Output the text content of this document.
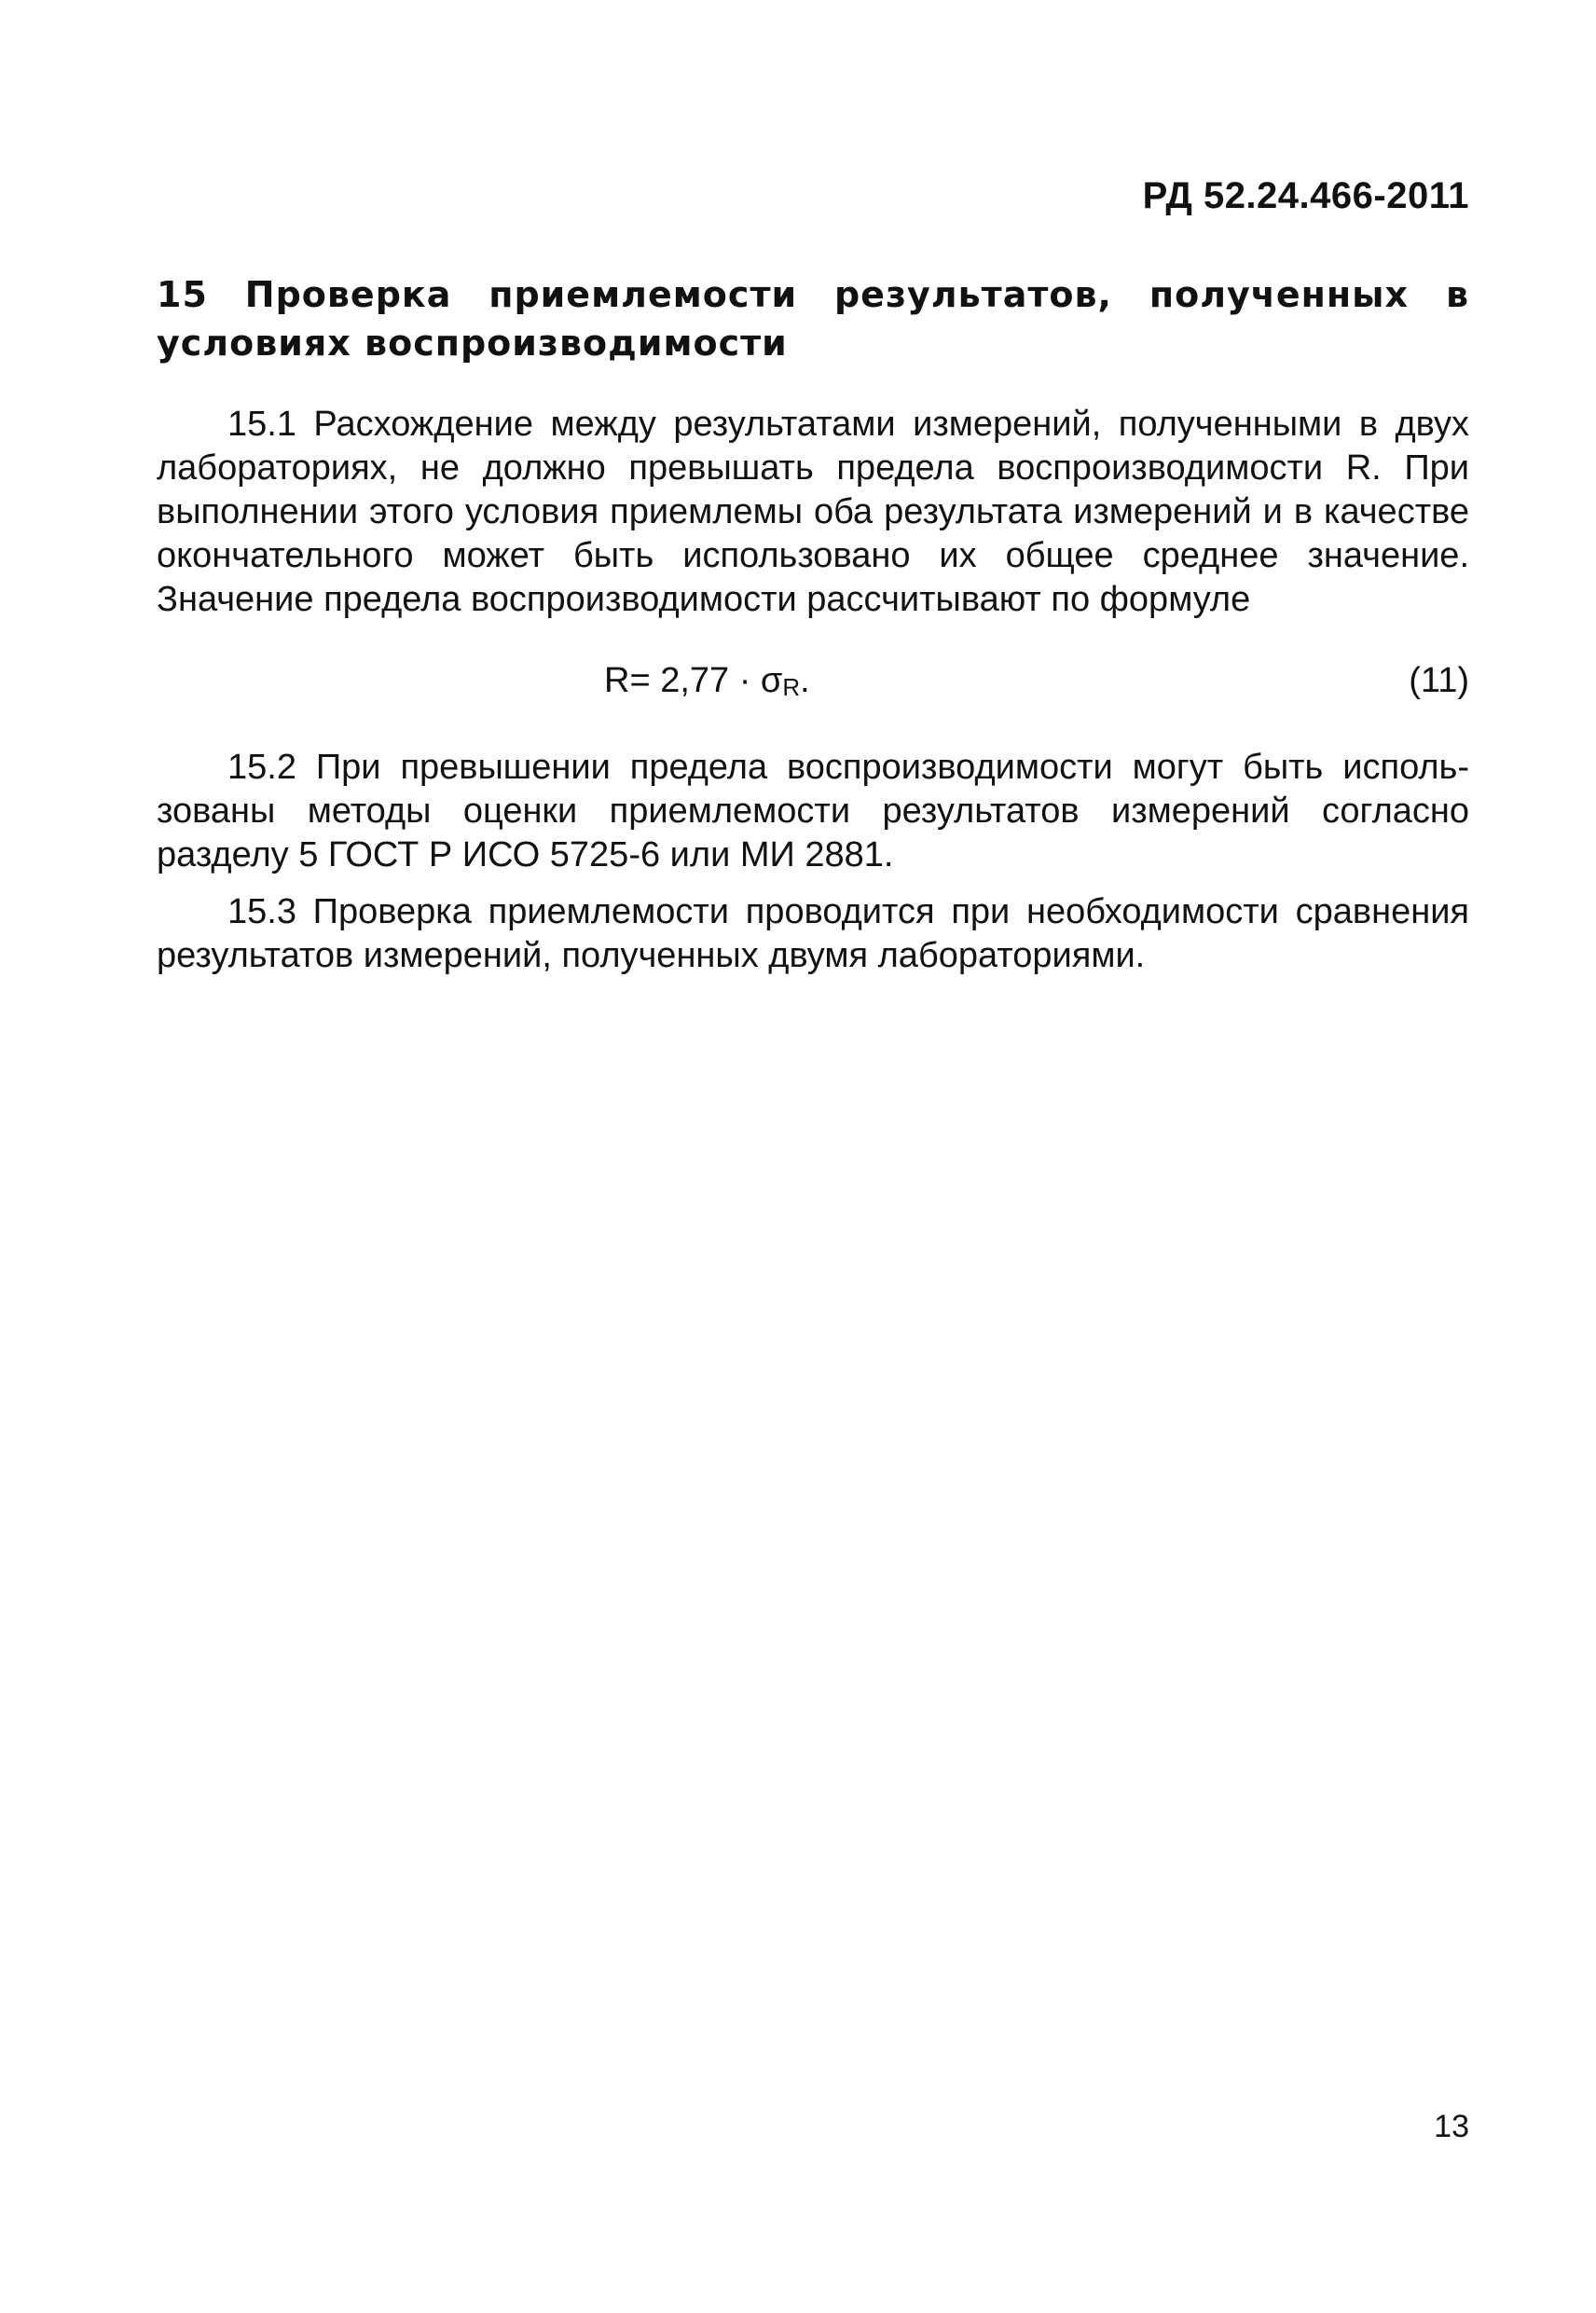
РД 52.24.466-2011
15 Проверка приемлемости результатов, полученных в условиях воспроизводимости

15.1 Расхождение между результатами измерений, полученными в двух лабораториях, не должно превышать предела воспроизводимости R. При выполнении этого условия приемлемы оба результата измерений и в качестве окончательного может быть использовано их общее среднее значение. Значение предела воспроизводимости рассчитывают по формуле

$R= 2,77 \cdot \sigma_R$.	(11)

15.2 При превышении предела воспроизводимости могут быть использованы методы оценки приемлемости результатов измерений согласно разделу 5 ГОСТ Р ИСО 5725-6 или МИ 2881.

15.3 Проверка приемлемости проводится при необходимости сравнения результатов измерений, полученных двумя лабораториями.

13
